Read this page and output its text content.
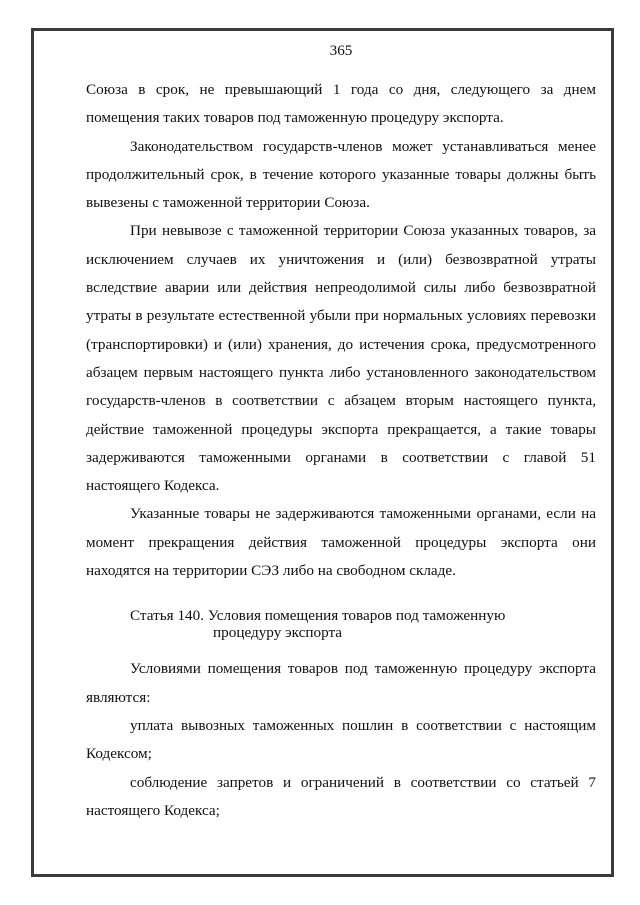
365

Союза в срок, не превышающий 1 года со дня, следующего за днем помещения таких товаров под таможенную процедуру экспорта.

Законодательством государств-членов может устанавливаться менее продолжительный срок, в течение которого указанные товары должны быть вывезены с таможенной территории Союза.

При невывозе с таможенной территории Союза указанных товаров, за исключением случаев их уничтожения и (или) безвозвратной утраты вследствие аварии или действия непреодолимой силы либо безвозвратной утраты в результате естественной убыли при нормальных условиях перевозки (транспортировки) и (или) хранения, до истечения срока, предусмотренного абзацем первым настоящего пункта либо установленного законодательством государств-членов в соответствии с абзацем вторым настоящего пункта, действие таможенной процедуры экспорта прекращается, а такие товары задерживаются таможенными органами в соответствии с главой 51 настоящего Кодекса.

Указанные товары не задерживаются таможенными органами, если на момент прекращения действия таможенной процедуры экспорта они находятся на территории СЭЗ либо на свободном складе.

Статья 140. Условия помещения товаров под таможенную
процедуру экспорта

Условиями помещения товаров под таможенную процедуру экспорта являются:

уплата вывозных таможенных пошлин в соответствии с настоящим Кодексом;

соблюдение запретов и ограничений в соответствии со статьей 7 настоящего Кодекса;
